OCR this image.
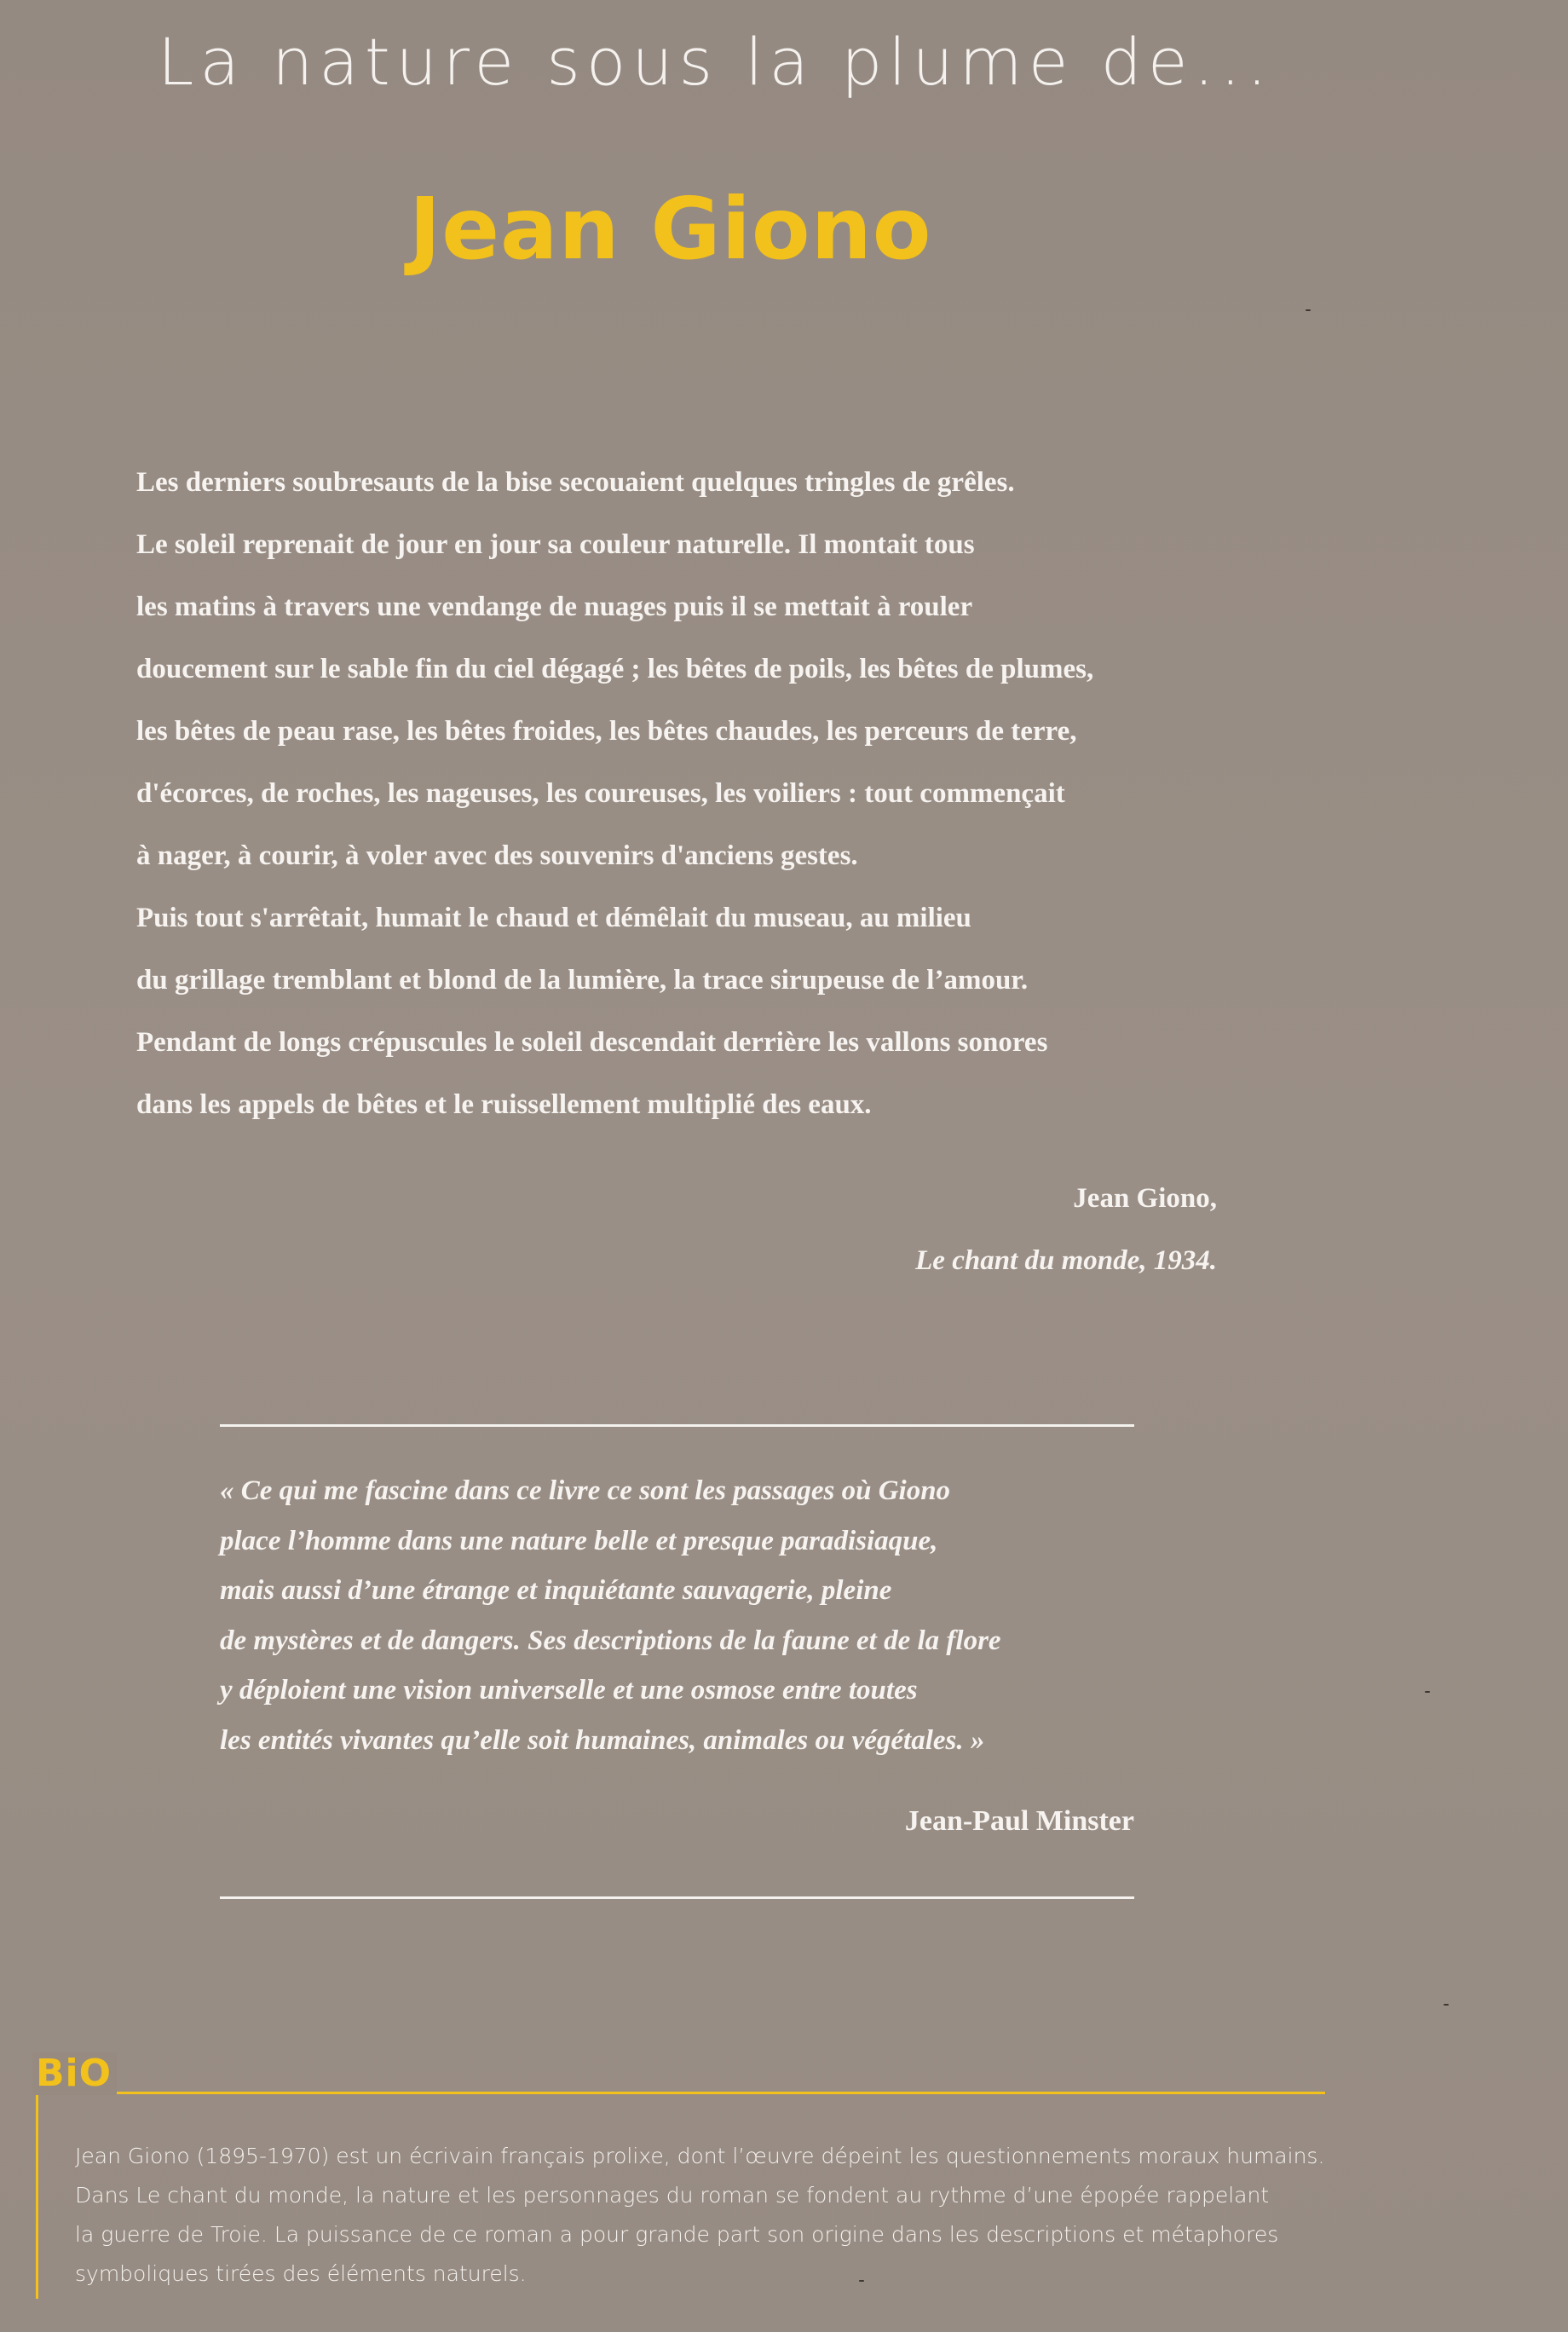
La nature sous la plume de...
Jean Giono
Les derniers soubresauts de la bise secouaient quelques tringles de grêles.
Le soleil reprenait de jour en jour sa couleur naturelle. Il montait tous
les matins à travers une vendange de nuages puis il se mettait à rouler
doucement sur le sable fin du ciel dégagé ; les bêtes de poils, les bêtes de plumes,
les bêtes de peau rase, les bêtes froides, les bêtes chaudes, les perceurs de terre,
d'écorces, de roches, les nageuses, les coureuses, les voiliers : tout commençait
à nager, à courir, à voler avec des souvenirs d'anciens gestes.
Puis tout s'arrêtait, humait le chaud et démêlait du museau, au milieu
du grillage tremblant et blond de la lumière, la trace sirupeuse de l’amour.
Pendant de longs crépuscules le soleil descendait derrière les vallons sonores
dans les appels de bêtes et le ruissellement multiplié des eaux.
Jean Giono,
Le chant du monde, 1934.
« Ce qui me fascine dans ce livre ce sont les passages où Giono
place l’homme dans une nature belle et presque paradisiaque,
mais aussi d’une étrange et inquiétante sauvagerie, pleine
de mystères et de dangers. Ses descriptions de la faune et de la flore
y déploient une vision universelle et une osmose entre toutes
les entités vivantes qu’elle soit humaines, animales ou végétales. »
Jean-Paul Minster
BiO
Jean Giono (1895-1970) est un écrivain français prolixe, dont l’œuvre dépeint les questionnements moraux humains.
Dans Le chant du monde, la nature et les personnages du roman se fondent au rythme d’une épopée rappelant
la guerre de Troie. La puissance de ce roman a pour grande part son origine dans les descriptions et métaphores
symboliques tirées des éléments naturels.
